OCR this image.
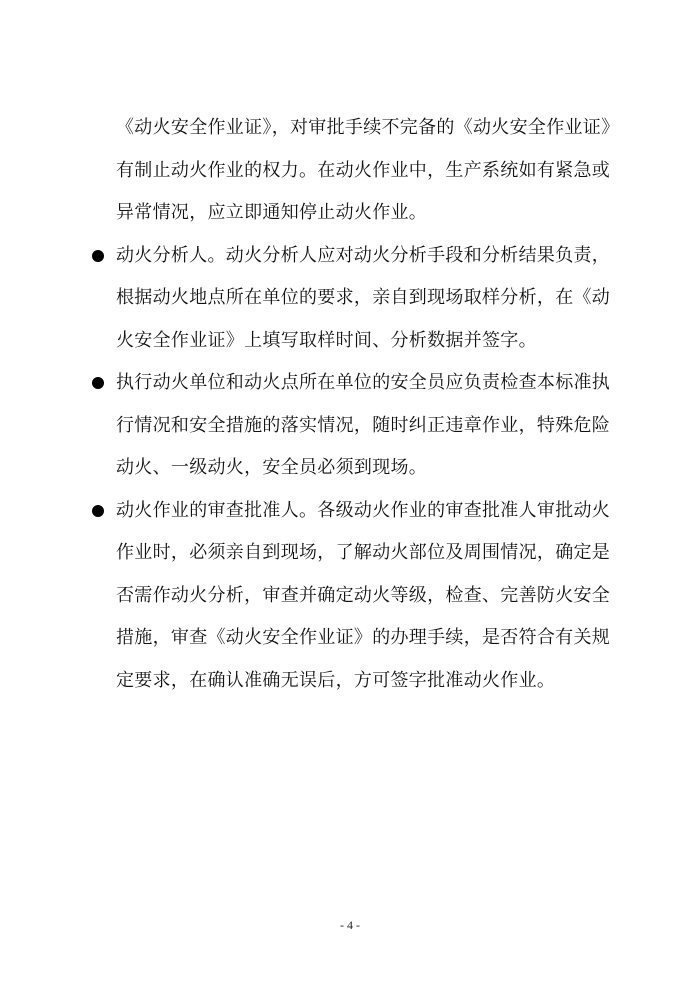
《动火安全作业证》，对审批手续不完备的《动火安全作业证》有制止动火作业的权力。在动火作业中，生产系统如有紧急或异常情况，应立即通知停止动火作业。

动火分析人。动火分析人应对动火分析手段和分析结果负责，根据动火地点所在单位的要求，亲自到现场取样分析，在《动火安全作业证》上填写取样时间、分析数据并签字。
执行动火单位和动火点所在单位的安全员应负责检查本标准执行情况和安全措施的落实情况，随时纠正违章作业，特殊危险动火、一级动火，安全员必须到现场。
动火作业的审查批准人。各级动火作业的审查批准人审批动火作业时，必须亲自到现场，了解动火部位及周围情况，确定是否需作动火分析，审查并确定动火等级，检查、完善防火安全措施，审查《动火安全作业证》的办理手续，是否符合有关规定要求，在确认准确无误后，方可签字批准动火作业。
- 4 -
